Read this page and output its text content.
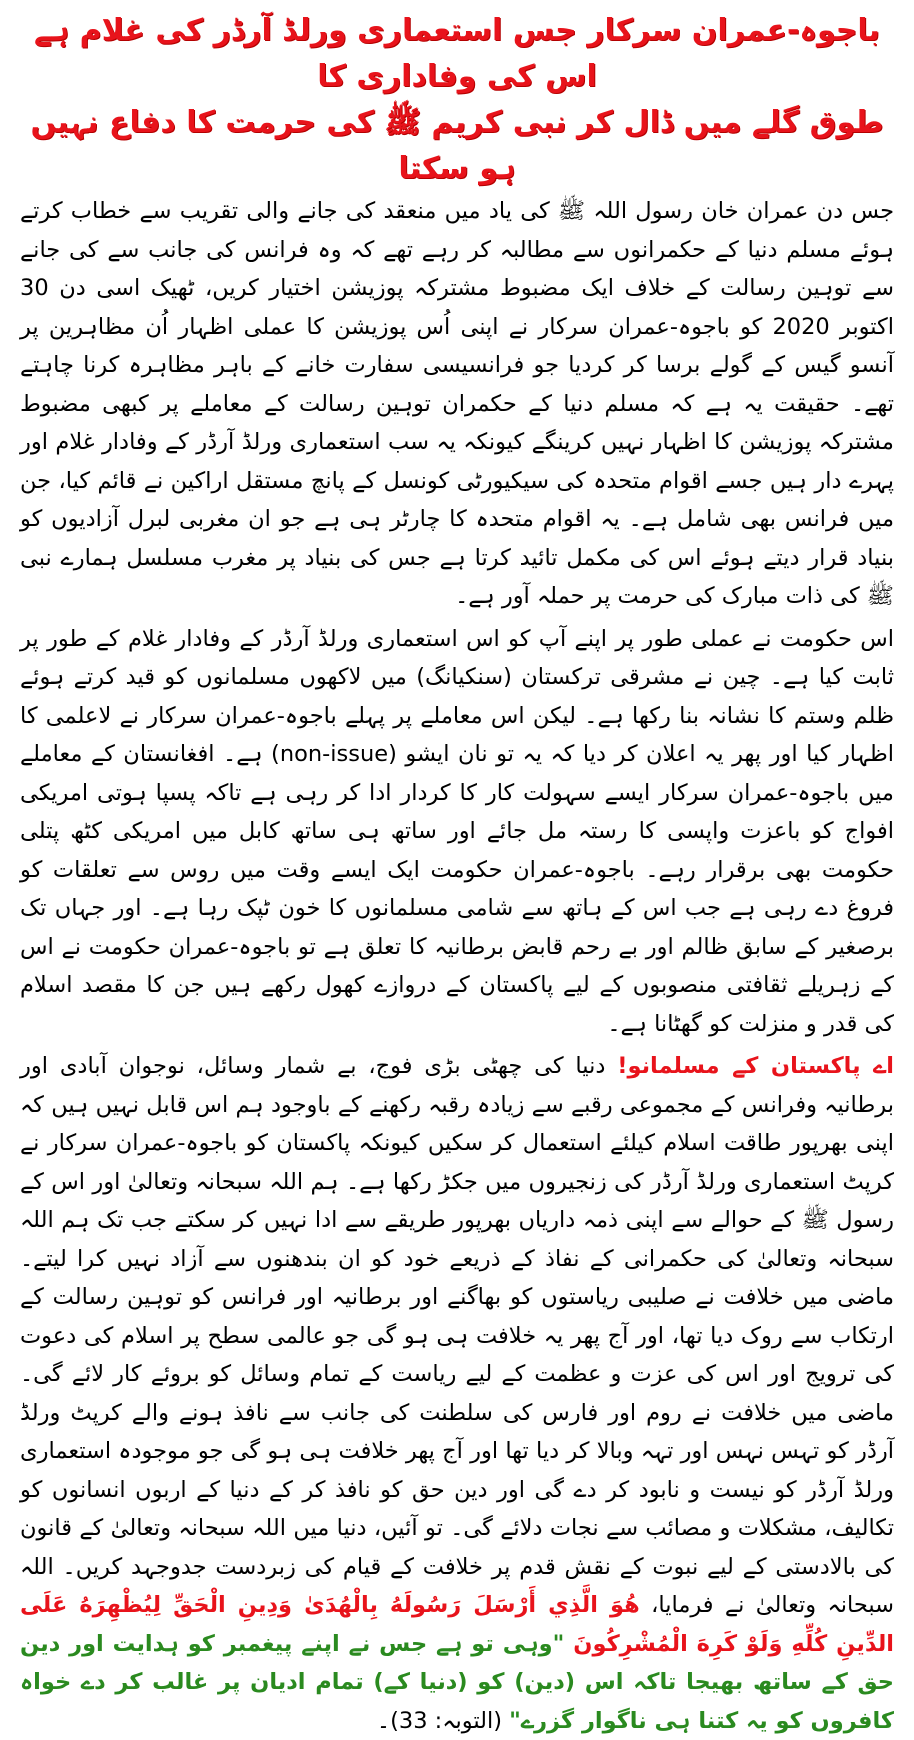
باجوہ-عمران سرکار جس استعماری ورلڈ آرڈر کی غلام ہے اس کی وفاداری کا
طوق گلے میں ڈال کر نبی کریم ﷺ کی حرمت کا دفاع نہیں ہو سکتا

جس دن عمران خان رسول اللہ ﷺ کی یاد میں منعقد کی جانے والی تقریب سے خطاب کرتے ہوئے مسلم دنیا کے حکمرانوں سے مطالبہ کر رہے تھے کہ وہ فرانس کی جانب سے کی جانے سے توہین رسالت کے خلاف ایک مضبوط مشترکہ پوزیشن اختیار کریں، ٹھیک اسی دن 30 اکتوبر 2020 کو باجوہ-عمران سرکار نے اپنی اُس پوزیشن کا عملی اظہار اُن مظاہرین پر آنسو گیس کے گولے برسا کر کردیا جو فرانسیسی سفارت خانے کے باہر مظاہرہ کرنا چاہتے تھے۔ حقیقت یہ ہے کہ مسلم دنیا کے حکمران توہین رسالت کے معاملے پر کبھی مضبوط مشترکہ پوزیشن کا اظہار نہیں کرینگے کیونکہ یہ سب استعماری ورلڈ آرڈر کے وفادار غلام اور پہرے دار ہیں جسے اقوام متحدہ کی سیکیورٹی کونسل کے پانچ مستقل اراکین نے قائم کیا، جن میں فرانس بھی شامل ہے۔ یہ اقوام متحدہ کا چارٹر ہی ہے جو ان مغربی لبرل آزادیوں کو بنیاد قرار دیتے ہوئے اس کی مکمل تائید کرتا ہے جس کی بنیاد پر مغرب مسلسل ہمارے نبی ﷺ کی ذات مبارک کی حرمت پر حملہ آور ہے۔

اس حکومت نے عملی طور پر اپنے آپ کو اس استعماری ورلڈ آرڈر کے وفادار غلام کے طور پر ثابت کیا ہے۔ چین نے مشرقی ترکستان (سنکیانگ) میں لاکھوں مسلمانوں کو قید کرتے ہوئے ظلم وستم کا نشانہ بنا رکھا ہے۔ لیکن اس معاملے پر پہلے باجوہ-عمران سرکار نے لاعلمی کا اظہار کیا اور پھر یہ اعلان کر دیا کہ یہ تو نان ایشو (non-issue) ہے۔ افغانستان کے معاملے میں باجوہ-عمران سرکار ایسے سہولت کار کا کردار ادا کر رہی ہے تاکہ پسپا ہوتی امریکی افواج کو باعزت واپسی کا رستہ مل جائے اور ساتھ ہی ساتھ کابل میں امریکی کٹھ پتلی حکومت بھی برقرار رہے۔ باجوہ-عمران حکومت ایک ایسے وقت میں روس سے تعلقات کو فروغ دے رہی ہے جب اس کے ہاتھ سے شامی مسلمانوں کا خون ٹپک رہا ہے۔ اور جہاں تک برصغیر کے سابق ظالم اور بے رحم قابض برطانیہ کا تعلق ہے تو باجوہ-عمران حکومت نے اس کے زہریلے ثقافتی منصوبوں کے لیے پاکستان کے دروازے کھول رکھے ہیں جن کا مقصد اسلام کی قدر و منزلت کو گھٹانا ہے۔

اے پاکستان کے مسلمانو! دنیا کی چھٹی بڑی فوج، بے شمار وسائل، نوجوان آبادی اور برطانیہ وفرانس کے مجموعی رقبے سے زیادہ رقبہ رکھنے کے باوجود ہم اس قابل نہیں ہیں کہ اپنی بھرپور طاقت اسلام کیلئے استعمال کر سکیں کیونکہ پاکستان کو باجوہ-عمران سرکار نے کرپٹ استعماری ورلڈ آرڈر کی زنجیروں میں جکڑ رکھا ہے۔ ہم اللہ سبحانہ وتعالیٰ اور اس کے رسول ﷺ کے حوالے سے اپنی ذمہ داریاں بھرپور طریقے سے ادا نہیں کر سکتے جب تک ہم اللہ سبحانہ وتعالیٰ کی حکمرانی کے نفاذ کے ذریعے خود کو ان بندھنوں سے آزاد نہیں کرا لیتے۔ ماضی میں خلافت نے صلیبی ریاستوں کو بھاگنے اور برطانیہ اور فرانس کو توہین رسالت کے ارتکاب سے روک دیا تھا، اور آج پھر یہ خلافت ہی ہو گی جو عالمی سطح پر اسلام کی دعوت کی ترویج اور اس کی عزت و عظمت کے لیے ریاست کے تمام وسائل کو بروئے کار لائے گی۔ ماضی میں خلافت نے روم اور فارس کی سلطنت کی جانب سے نافذ ہونے والے کرپٹ ورلڈ آرڈر کو تہس نہس اور تہہ وبالا کر دیا تھا اور آج پھر خلافت ہی ہو گی جو موجودہ استعماری ورلڈ آرڈر کو نیست و نابود کر دے گی اور دین حق کو نافذ کر کے دنیا کے اربوں انسانوں کو تکالیف، مشکلات و مصائب سے نجات دلائے گی۔ تو آئیں، دنیا میں اللہ سبحانہ وتعالیٰ کے قانون کی بالادستی کے لیے نبوت کے نقش قدم پر خلافت کے قیام کی زبردست جدوجہد کریں۔ اللہ سبحانہ وتعالیٰ نے فرمایا، هُوَ الَّذِي أَرْسَلَ رَسُولَهُ بِالْهُدَىٰ وَدِينِ الْحَقِّ لِيُظْهِرَهُ عَلَى الدِّينِ كُلِّهِ وَلَوْ كَرِهَ الْمُشْرِكُونَ "وہی تو ہے جس نے اپنے پیغمبر کو ہدایت اور دین حق کے ساتھ بھیجا تاکہ اس (دین) کو (دنیا کے) تمام ادیان پر غالب کر دے خواہ کافروں کو یہ کتنا ہی ناگوار گزرے" (التوبہ: 33)۔
